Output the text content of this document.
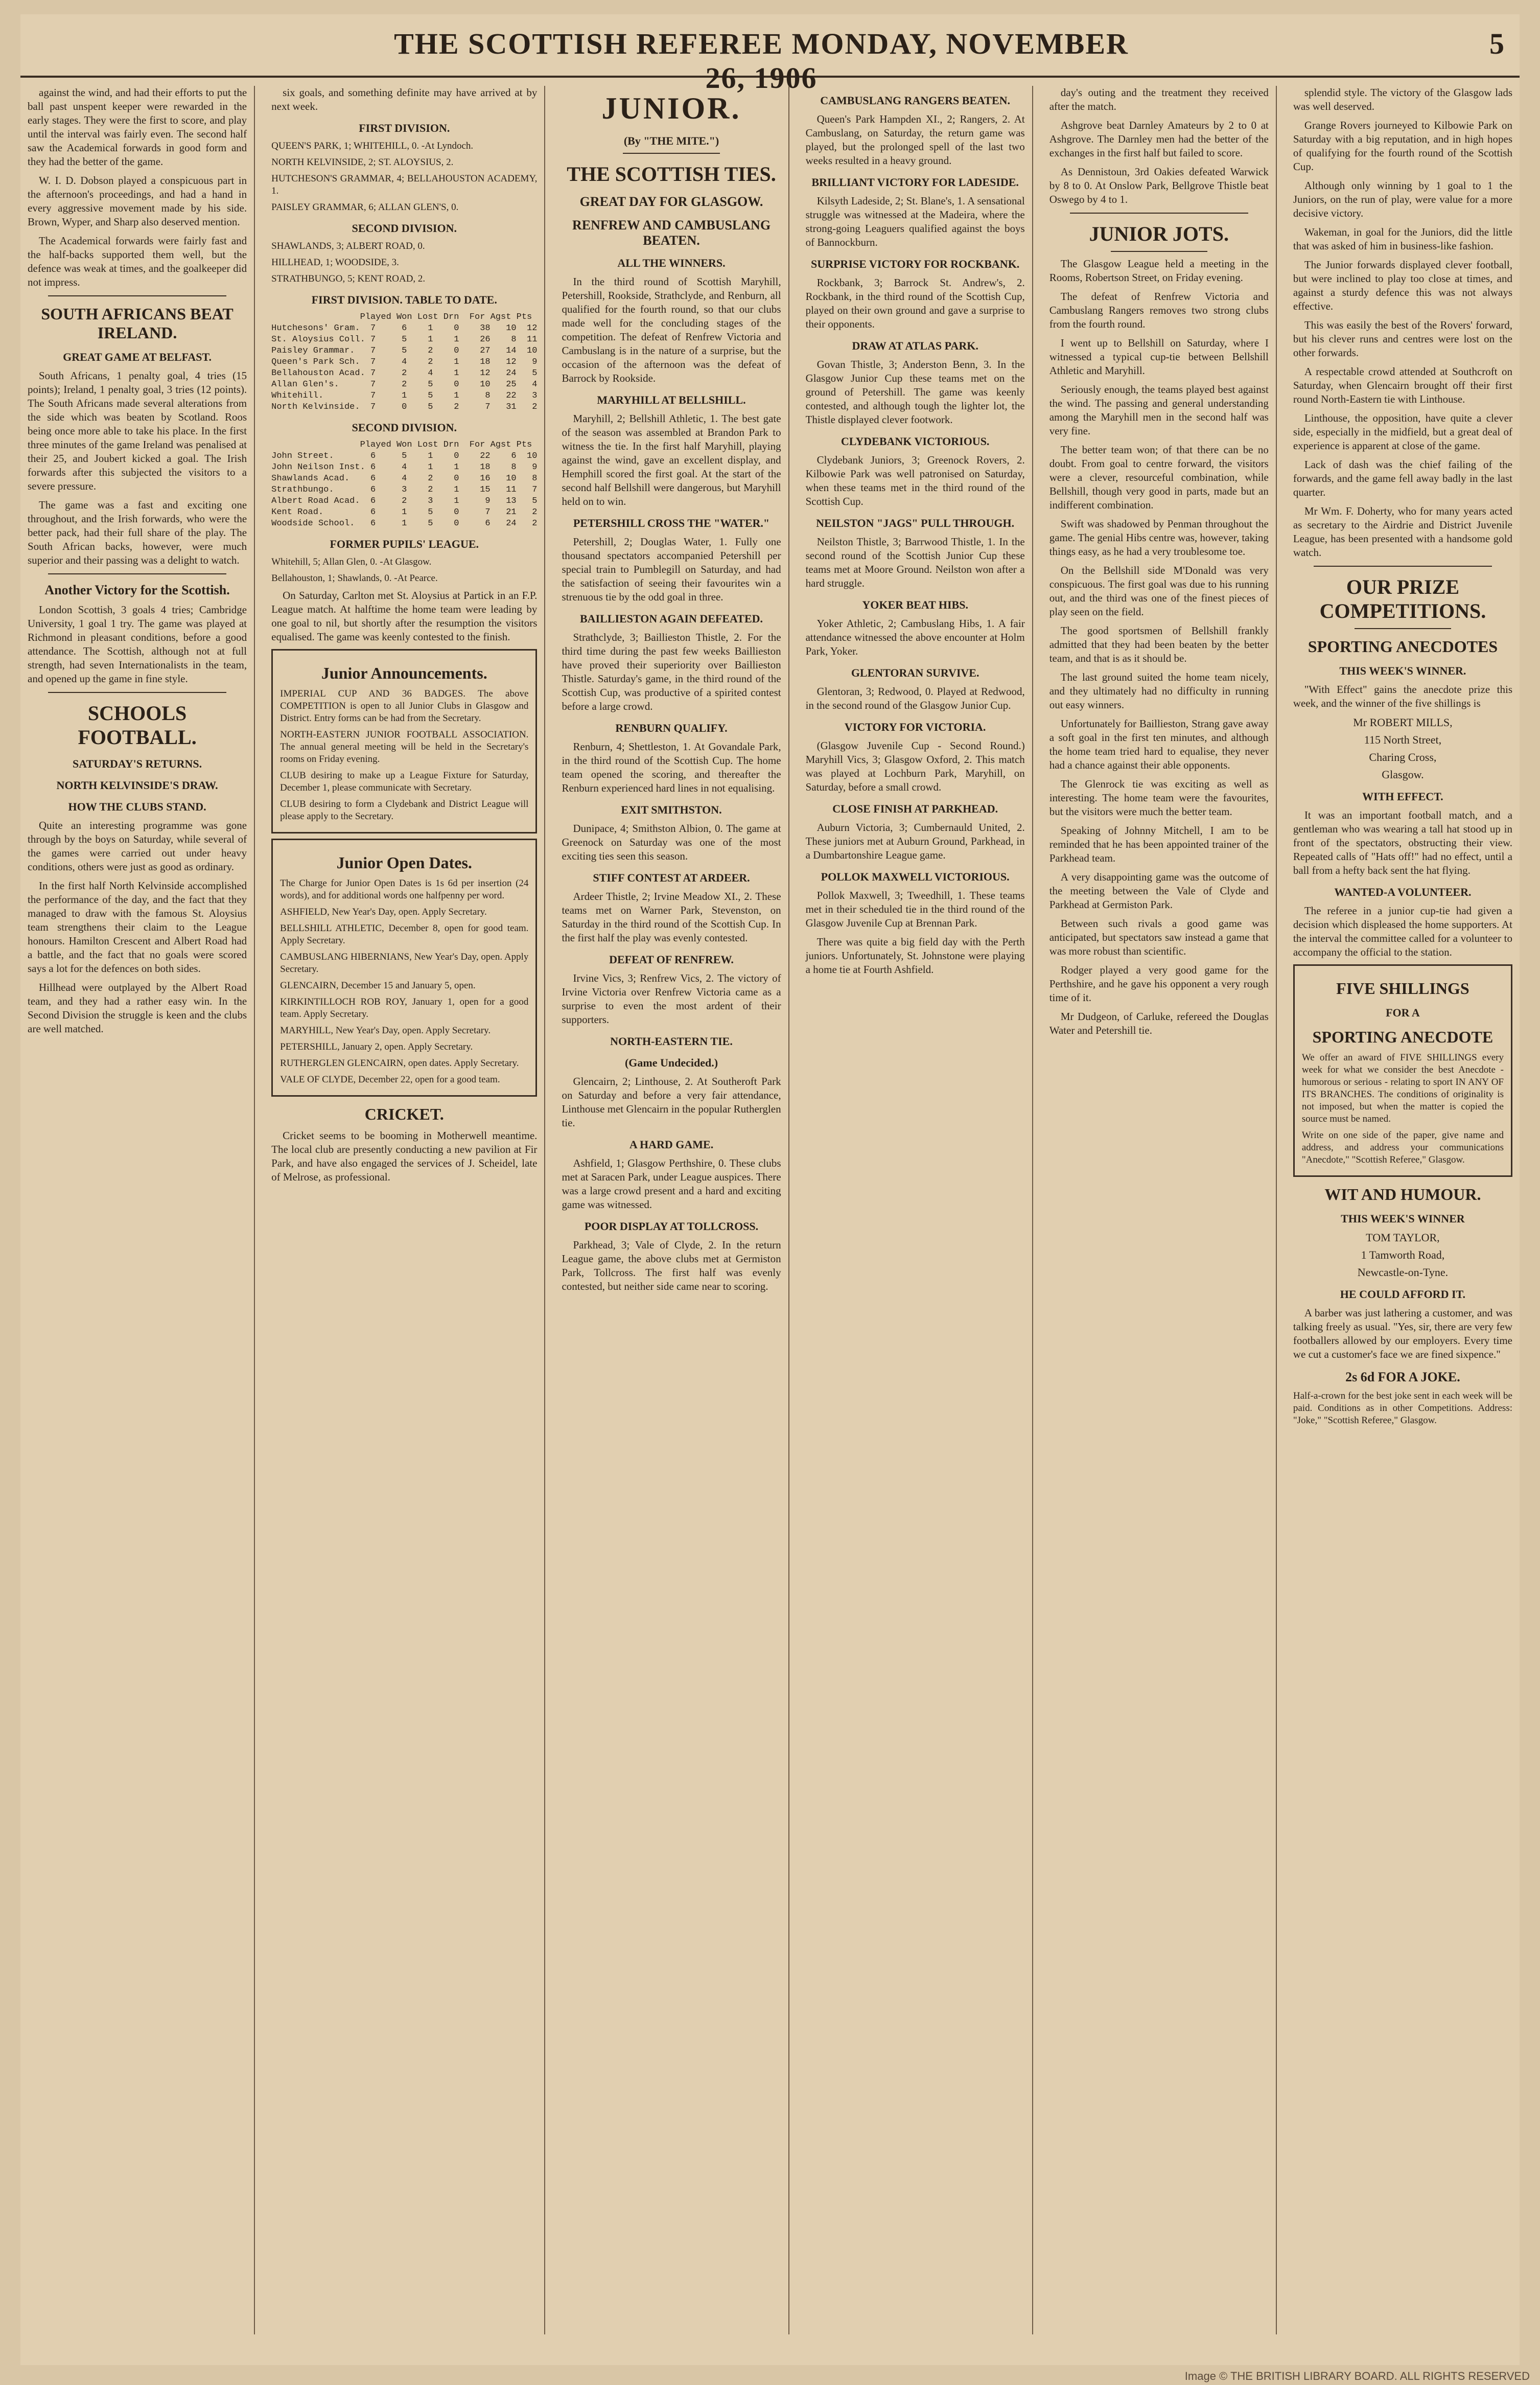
THE SCOTTISH REFEREE MONDAY, NOVEMBER 26, 1906
5

against the wind, and had their efforts to put the ball past unspent keeper were rewarded in the early stages. They were the first to score, and play until the interval was fairly even. The second half saw the Academical forwards in good form and they had the better of the game.

W. I. D. Dobson played a conspicuous part in the afternoon's proceedings, and had a hand in every aggressive movement made by his side. Brown, Wyper, and Sharp also deserved mention.

The Academical forwards were fairly fast and the half-backs supported them well, but the defence was weak at times, and the goalkeeper did not impress.

SOUTH AFRICANS BEAT IRELAND.
GREAT GAME AT BELFAST.

South Africans, 1 penalty goal, 4 tries (15 points); Ireland, 1 penalty goal, 3 tries (12 points). The South Africans made several alterations from the side which was beaten by Scotland. Roos being once more able to take his place. In the first three minutes of the game Ireland was penalised at their 25, and Joubert kicked a goal. The Irish forwards after this subjected the visitors to a severe pressure.

The game was a fast and exciting one throughout, and the Irish forwards, who were the better pack, had their full share of the play. The South African backs, however, were much superior and their passing was a delight to watch.

Another Victory for the Scottish.

London Scottish, 3 goals 4 tries; Cambridge University, 1 goal 1 try. The game was played at Richmond in pleasant conditions, before a good attendance. The Scottish, although not at full strength, had seven Internationalists in the team, and opened up the game in fine style.

SCHOOLS FOOTBALL.
SATURDAY'S RETURNS.
NORTH KELVINSIDE'S DRAW.
HOW THE CLUBS STAND.

Quite an interesting programme was gone through by the boys on Saturday, while several of the games were carried out under heavy conditions, others were just as good as ordinary.

In the first half North Kelvinside accomplished the performance of the day, and the fact that they managed to draw with the famous St. Aloysius team strengthens their claim to the League honours. Hamilton Crescent and Albert Road had a battle, and the fact that no goals were scored says a lot for the defences on both sides.

Hillhead were outplayed by the Albert Road team, and they had a rather easy win. In the Second Division the struggle is keen and the clubs are well matched.

six goals, and something definite may have arrived at by next week.

FIRST DIVISION.

QUEEN'S PARK, 1; WHITEHILL, 0. -At Lyndoch.

NORTH KELVINSIDE, 2; ST. ALOYSIUS, 2.

HUTCHESON'S GRAMMAR, 4; BELLAHOUSTON ACADEMY, 1.

PAISLEY GRAMMAR, 6; ALLAN GLEN'S, 0.

SECOND DIVISION.

SHAWLANDS, 3; ALBERT ROAD, 0.

HILLHEAD, 1; WOODSIDE, 3.

STRATHBUNGO, 5; KENT ROAD, 2.

FIRST DIVISION. TABLE TO DATE.
Played Won Lost Drn  For Agst Pts
Hutchesons' Gram.  7     6    1    0    38   10  12
St. Aloysius Coll. 7     5    1    1    26    8  11
Paisley Grammar.   7     5    2    0    27   14  10
Queen's Park Sch.  7     4    2    1    18   12   9
Bellahouston Acad. 7     2    4    1    12   24   5
Allan Glen's.      7     2    5    0    10   25   4
Whitehill.         7     1    5    1     8   22   3
North Kelvinside.  7     0    5    2     7   31   2
SECOND DIVISION.
Played Won Lost Drn  For Agst Pts
John Street.       6     5    1    0    22    6  10
John Neilson Inst. 6     4    1    1    18    8   9
Shawlands Acad.    6     4    2    0    16   10   8
Strathbungo.       6     3    2    1    15   11   7
Albert Road Acad.  6     2    3    1     9   13   5
Kent Road.         6     1    5    0     7   21   2
Woodside School.   6     1    5    0     6   24   2
FORMER PUPILS' LEAGUE.

Whitehill, 5; Allan Glen, 0. -At Glasgow.

Bellahouston, 1; Shawlands, 0. -At Pearce.

On Saturday, Carlton met St. Aloysius at Partick in an F.P. League match. At halftime the home team were leading by one goal to nil, but shortly after the resumption the visitors equalised. The game was keenly contested to the finish.

Junior Announcements.

IMPERIAL CUP AND 36 BADGES. The above COMPETITION is open to all Junior Clubs in Glasgow and District. Entry forms can be had from the Secretary.

NORTH-EASTERN JUNIOR FOOTBALL ASSOCIATION. The annual general meeting will be held in the Secretary's rooms on Friday evening.

CLUB desiring to make up a League Fixture for Saturday, December 1, please communicate with Secretary.

CLUB desiring to form a Clydebank and District League will please apply to the Secretary.

Junior Open Dates.

The Charge for Junior Open Dates is 1s 6d per insertion (24 words), and for additional words one halfpenny per word.

ASHFIELD, New Year's Day, open. Apply Secretary.

BELLSHILL ATHLETIC, December 8, open for good team. Apply Secretary.

CAMBUSLANG HIBERNIANS, New Year's Day, open. Apply Secretary.

GLENCAIRN, December 15 and January 5, open.

KIRKINTILLOCH ROB ROY, January 1, open for a good team. Apply Secretary.

MARYHILL, New Year's Day, open. Apply Secretary.

PETERSHILL, January 2, open. Apply Secretary.

RUTHERGLEN GLENCAIRN, open dates. Apply Secretary.

VALE OF CLYDE, December 22, open for a good team.

CRICKET.

Cricket seems to be booming in Motherwell meantime. The local club are presently conducting a new pavilion at Fir Park, and have also engaged the services of J. Scheidel, late of Melrose, as professional.

JUNIOR.
(By "THE MITE.")
THE SCOTTISH TIES.
GREAT DAY FOR GLASGOW.
RENFREW AND CAMBUSLANG BEATEN.
ALL THE WINNERS.

In the third round of Scottish Maryhill, Petershill, Rookside, Strathclyde, and Renburn, all qualified for the fourth round, so that our clubs made well for the concluding stages of the competition. The defeat of Renfrew Victoria and Cambuslang is in the nature of a surprise, but the occasion of the afternoon was the defeat of Barrock by Rookside.

MARYHILL AT BELLSHILL.

Maryhill, 2; Bellshill Athletic, 1. The best gate of the season was assembled at Brandon Park to witness the tie. In the first half Maryhill, playing against the wind, gave an excellent display, and Hemphill scored the first goal. At the start of the second half Bellshill were dangerous, but Maryhill held on to win.

PETERSHILL CROSS THE "WATER."

Petershill, 2; Douglas Water, 1. Fully one thousand spectators accompanied Petershill per special train to Pumblegill on Saturday, and had the satisfaction of seeing their favourites win a strenuous tie by the odd goal in three.

BAILLIESTON AGAIN DEFEATED.

Strathclyde, 3; Baillieston Thistle, 2. For the third time during the past few weeks Baillieston have proved their superiority over Baillieston Thistle. Saturday's game, in the third round of the Scottish Cup, was productive of a spirited contest before a large crowd.

RENBURN QUALIFY.

Renburn, 4; Shettleston, 1. At Govandale Park, in the third round of the Scottish Cup. The home team opened the scoring, and thereafter the Renburn experienced hard lines in not equalising.

EXIT SMITHSTON.

Dunipace, 4; Smithston Albion, 0. The game at Greenock on Saturday was one of the most exciting ties seen this season.

STIFF CONTEST AT ARDEER.

Ardeer Thistle, 2; Irvine Meadow XI., 2. These teams met on Warner Park, Stevenston, on Saturday in the third round of the Scottish Cup. In the first half the play was evenly contested.

DEFEAT OF RENFREW.

Irvine Vics, 3; Renfrew Vics, 2. The victory of Irvine Victoria over Renfrew Victoria came as a surprise to even the most ardent of their supporters.

NORTH-EASTERN TIE.
(Game Undecided.)

Glencairn, 2; Linthouse, 2. At Southeroft Park on Saturday and before a very fair attendance, Linthouse met Glencairn in the popular Rutherglen tie.

A HARD GAME.

Ashfield, 1; Glasgow Perthshire, 0. These clubs met at Saracen Park, under League auspices. There was a large crowd present and a hard and exciting game was witnessed.

POOR DISPLAY AT TOLLCROSS.

Parkhead, 3; Vale of Clyde, 2. In the return League game, the above clubs met at Germiston Park, Tollcross. The first half was evenly contested, but neither side came near to scoring.

CAMBUSLANG RANGERS BEATEN.

Queen's Park Hampden XI., 2; Rangers, 2. At Cambuslang, on Saturday, the return game was played, but the prolonged spell of the last two weeks resulted in a heavy ground.

BRILLIANT VICTORY FOR LADESIDE.

Kilsyth Ladeside, 2; St. Blane's, 1. A sensational struggle was witnessed at the Madeira, where the strong-going Leaguers qualified against the boys of Bannockburn.

SURPRISE VICTORY FOR ROCKBANK.

Rockbank, 3; Barrock St. Andrew's, 2. Rockbank, in the third round of the Scottish Cup, played on their own ground and gave a surprise to their opponents.

DRAW AT ATLAS PARK.

Govan Thistle, 3; Anderston Benn, 3. In the Glasgow Junior Cup these teams met on the ground of Petershill. The game was keenly contested, and although tough the lighter lot, the Thistle displayed clever footwork.

CLYDEBANK VICTORIOUS.

Clydebank Juniors, 3; Greenock Rovers, 2. Kilbowie Park was well patronised on Saturday, when these teams met in the third round of the Scottish Cup.

NEILSTON "JAGS" PULL THROUGH.

Neilston Thistle, 3; Barrwood Thistle, 1. In the second round of the Scottish Junior Cup these teams met at Moore Ground. Neilston won after a hard struggle.

YOKER BEAT HIBS.

Yoker Athletic, 2; Cambuslang Hibs, 1. A fair attendance witnessed the above encounter at Holm Park, Yoker.

GLENTORAN SURVIVE.

Glentoran, 3; Redwood, 0. Played at Redwood, in the second round of the Glasgow Junior Cup.

VICTORY FOR VICTORIA.

(Glasgow Juvenile Cup - Second Round.) Maryhill Vics, 3; Glasgow Oxford, 2. This match was played at Lochburn Park, Maryhill, on Saturday, before a small crowd.

CLOSE FINISH AT PARKHEAD.

Auburn Victoria, 3; Cumbernauld United, 2. These juniors met at Auburn Ground, Parkhead, in a Dumbartonshire League game.

POLLOK MAXWELL VICTORIOUS.

Pollok Maxwell, 3; Tweedhill, 1. These teams met in their scheduled tie in the third round of the Glasgow Juvenile Cup at Brennan Park.

There was quite a big field day with the Perth juniors. Unfortunately, St. Johnstone were playing a home tie at Fourth Ashfield.

day's outing and the treatment they received after the match.

Ashgrove beat Darnley Amateurs by 2 to 0 at Ashgrove. The Darnley men had the better of the exchanges in the first half but failed to score.

As Dennistoun, 3rd Oakies defeated Warwick by 8 to 0. At Onslow Park, Bellgrove Thistle beat Oswego by 4 to 1.

JUNIOR JOTS.

The Glasgow League held a meeting in the Rooms, Robertson Street, on Friday evening.

The defeat of Renfrew Victoria and Cambuslang Rangers removes two strong clubs from the fourth round.

I went up to Bellshill on Saturday, where I witnessed a typical cup-tie between Bellshill Athletic and Maryhill.

Seriously enough, the teams played best against the wind. The passing and general understanding among the Maryhill men in the second half was very fine.

The better team won; of that there can be no doubt. From goal to centre forward, the visitors were a clever, resourceful combination, while Bellshill, though very good in parts, made but an indifferent combination.

Swift was shadowed by Penman throughout the game. The genial Hibs centre was, however, taking things easy, as he had a very troublesome toe.

On the Bellshill side M'Donald was very conspicuous. The first goal was due to his running out, and the third was one of the finest pieces of play seen on the field.

The good sportsmen of Bellshill frankly admitted that they had been beaten by the better team, and that is as it should be.

The last ground suited the home team nicely, and they ultimately had no difficulty in running out easy winners.

Unfortunately for Baillieston, Strang gave away a soft goal in the first ten minutes, and although the home team tried hard to equalise, they never had a chance against their able opponents.

The Glenrock tie was exciting as well as interesting. The home team were the favourites, but the visitors were much the better team.

Speaking of Johnny Mitchell, I am to be reminded that he has been appointed trainer of the Parkhead team.

A very disappointing game was the outcome of the meeting between the Vale of Clyde and Parkhead at Germiston Park.

Between such rivals a good game was anticipated, but spectators saw instead a game that was more robust than scientific.

Rodger played a very good game for the Perthshire, and he gave his opponent a very rough time of it.

Mr Dudgeon, of Carluke, refereed the Douglas Water and Petershill tie.

splendid style. The victory of the Glasgow lads was well deserved.

Grange Rovers journeyed to Kilbowie Park on Saturday with a big reputation, and in high hopes of qualifying for the fourth round of the Scottish Cup.

Although only winning by 1 goal to 1 the Juniors, on the run of play, were value for a more decisive victory.

Wakeman, in goal for the Juniors, did the little that was asked of him in business-like fashion.

The Junior forwards displayed clever football, but were inclined to play too close at times, and against a sturdy defence this was not always effective.

This was easily the best of the Rovers' forward, but his clever runs and centres were lost on the other forwards.

A respectable crowd attended at Southcroft on Saturday, when Glencairn brought off their first round North-Eastern tie with Linthouse.

Linthouse, the opposition, have quite a clever side, especially in the midfield, but a great deal of experience is apparent at close of the game.

Lack of dash was the chief failing of the forwards, and the game fell away badly in the last quarter.

Mr Wm. F. Doherty, who for many years acted as secretary to the Airdrie and District Juvenile League, has been presented with a handsome gold watch.

OUR PRIZE COMPETITIONS.
SPORTING ANECDOTES
THIS WEEK'S WINNER.

"With Effect" gains the anecdote prize this week, and the winner of the five shillings is

Mr ROBERT MILLS,
115 North Street,
Charing Cross,
Glasgow.
WITH EFFECT.

It was an important football match, and a gentleman who was wearing a tall hat stood up in front of the spectators, obstructing their view. Repeated calls of "Hats off!" had no effect, until a ball from a hefty back sent the hat flying.

WANTED-A VOLUNTEER.

The referee in a junior cup-tie had given a decision which displeased the home supporters. At the interval the committee called for a volunteer to accompany the official to the station.

FIVE SHILLINGS
FOR A
SPORTING ANECDOTE

We offer an award of FIVE SHILLINGS every week for what we consider the best Anecdote - humorous or serious - relating to sport IN ANY OF ITS BRANCHES. The conditions of originality is not imposed, but when the matter is copied the source must be named.

Write on one side of the paper, give name and address, and address your communications "Anecdote," "Scottish Referee," Glasgow.

WIT AND HUMOUR.
THIS WEEK'S WINNER
TOM TAYLOR,
1 Tamworth Road,
Newcastle-on-Tyne.
HE COULD AFFORD IT.

A barber was just lathering a customer, and was talking freely as usual. "Yes, sir, there are very few footballers allowed by our employers. Every time we cut a customer's face we are fined sixpence."

2s 6d FOR A JOKE.

Half-a-crown for the best joke sent in each week will be paid. Conditions as in other Competitions. Address: "Joke," "Scottish Referee," Glasgow.

Image © THE BRITISH LIBRARY BOARD. ALL RIGHTS RESERVED
